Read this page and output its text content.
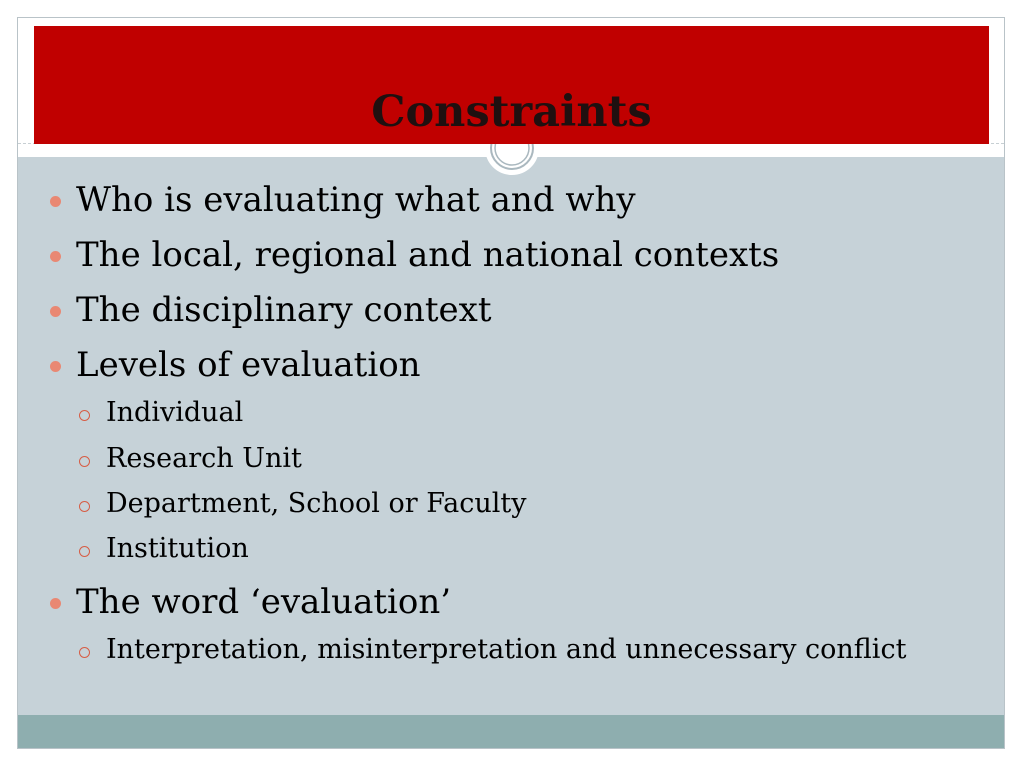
Constraints
Who is evaluating what and why
The local, regional and national contexts
The disciplinary context
Levels of evaluation
Individual
Research Unit
Department, School or Faculty
Institution
The word ‘evaluation’
Interpretation, misinterpretation and unnecessary conflict
